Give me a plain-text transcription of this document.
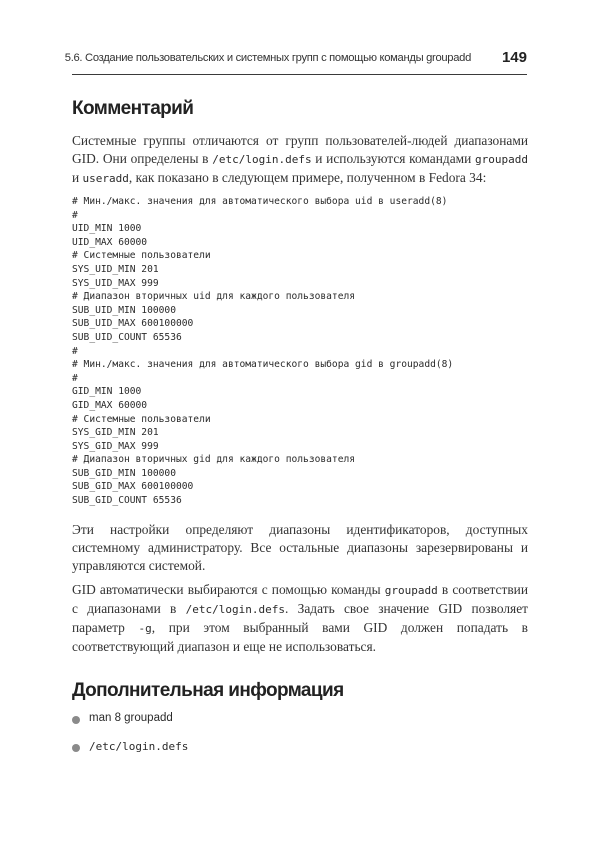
5.6. Создание пользовательских и системных групп с помощью команды groupadd 149
Комментарий

Системные группы отличаются от групп пользователей-людей диапазонами GID. Они определены в /etc/login.defs и используются командами groupadd и useradd, как показано в следующем примере, полученном в Fedora 34:

# Мин./макс. значения для автоматического выбора uid в useradd(8)
#
UID_MIN 1000
UID_MAX 60000
# Системные пользователи
SYS_UID_MIN 201
SYS_UID_MAX 999
# Диапазон вторичных uid для каждого пользователя
SUB_UID_MIN 100000
SUB_UID_MAX 600100000
SUB_UID_COUNT 65536
#
# Мин./макс. значения для автоматического выбора gid в groupadd(8)
#
GID_MIN 1000
GID_MAX 60000
# Системные пользователи
SYS_GID_MIN 201
SYS_GID_MAX 999
# Диапазон вторичных gid для каждого пользователя
SUB_GID_MIN 100000
SUB_GID_MAX 600100000
SUB_GID_COUNT 65536

Эти настройки определяют диапазоны идентификаторов, доступных системному администратору. Все остальные диапазоны зарезервированы и управляются системой.

GID автоматически выбираются с помощью команды groupadd в соответствии с диапазонами в /etc/login.defs. Задать свое значение GID позволяет параметр -g, при этом выбранный вами GID должен попадать в соответствующий диапазон и еще не использоваться.

Дополнительная информация
man 8 groupadd
/etc/login.defs
